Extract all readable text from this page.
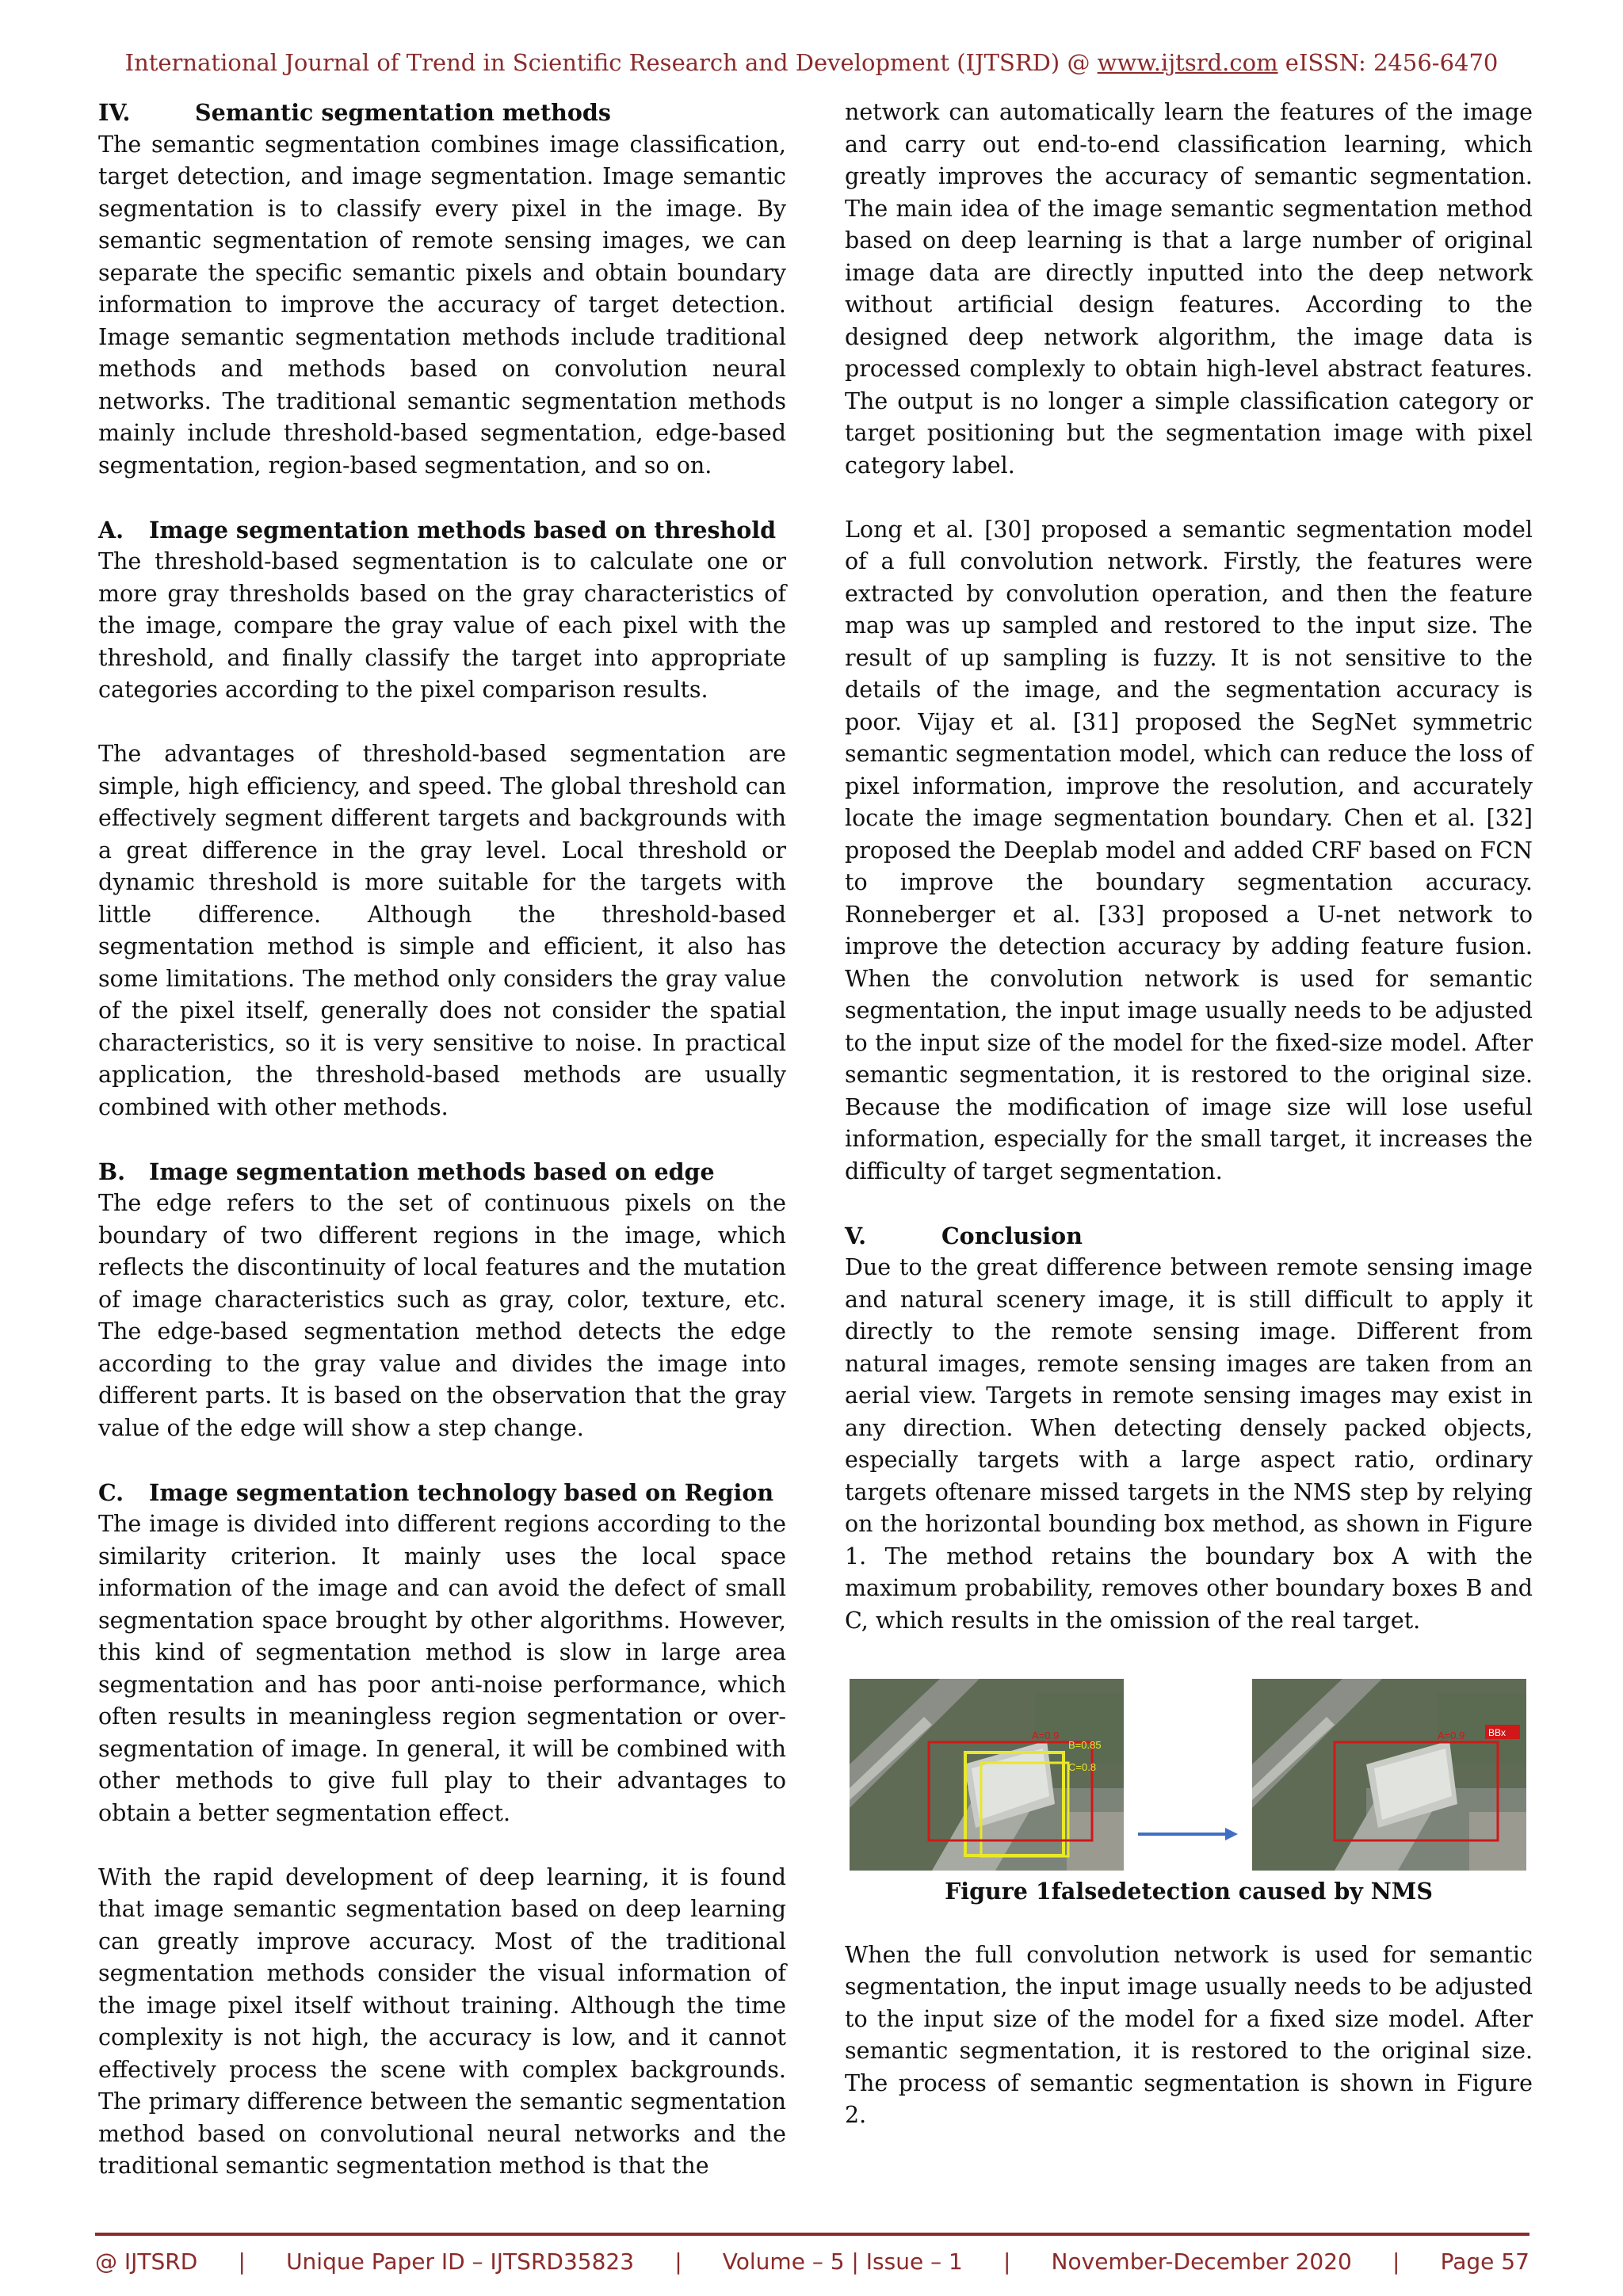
International Journal of Trend in Scientific Research and Development (IJTSRD) @ www.ijtsrd.com eISSN: 2456-6470
IV.	Semantic segmentation methods

The semantic segmentation combines image classification, target detection, and image segmentation. Image semantic segmentation is to classify every pixel in the image. By semantic segmentation of remote sensing images, we can separate the specific semantic pixels and obtain boundary information to improve the accuracy of target detection. Image semantic segmentation methods include traditional methods and methods based on convolution neural networks. The traditional semantic segmentation methods mainly include threshold-based segmentation, edge-based segmentation, region-based segmentation, and so on.

A. Image segmentation methods based on threshold

The threshold-based segmentation is to calculate one or more gray thresholds based on the gray characteristics of the image, compare the gray value of each pixel with the threshold, and finally classify the target into appropriate categories according to the pixel comparison results.

The advantages of threshold-based segmentation are simple, high efficiency, and speed. The global threshold can effectively segment different targets and backgrounds with a great difference in the gray level. Local threshold or dynamic threshold is more suitable for the targets with little difference. Although the threshold-based segmentation method is simple and efficient, it also has some limitations. The method only considers the gray value of the pixel itself, generally does not consider the spatial characteristics, so it is very sensitive to noise. In practical application, the threshold-based methods are usually combined with other methods.

B. Image segmentation methods based on edge

The edge refers to the set of continuous pixels on the boundary of two different regions in the image, which reflects the discontinuity of local features and the mutation of image characteristics such as gray, color, texture, etc. The edge-based segmentation method detects the edge according to the gray value and divides the image into different parts. It is based on the observation that the gray value of the edge will show a step change.

C. Image segmentation technology based on Region

The image is divided into different regions according to the similarity criterion. It mainly uses the local space information of the image and can avoid the defect of small segmentation space brought by other algorithms. However, this kind of segmentation method is slow in large area segmentation and has poor anti-noise performance, which often results in meaningless region segmentation or over-segmentation of image. In general, it will be combined with other methods to give full play to their advantages to obtain a better segmentation effect.

With the rapid development of deep learning, it is found that image semantic segmentation based on deep learning can greatly improve accuracy. Most of the traditional segmentation methods consider the visual information of the image pixel itself without training. Although the time complexity is not high, the accuracy is low, and it cannot effectively process the scene with complex backgrounds. The primary difference between the semantic segmentation method based on convolutional neural networks and the traditional semantic segmentation method is that the

network can automatically learn the features of the image and carry out end-to-end classification learning, which greatly improves the accuracy of semantic segmentation. The main idea of the image semantic segmentation method based on deep learning is that a large number of original image data are directly inputted into the deep network without artificial design features. According to the designed deep network algorithm, the image data is processed complexly to obtain high-level abstract features. The output is no longer a simple classification category or target positioning but the segmentation image with pixel category label.

Long et al. [30] proposed a semantic segmentation model of a full convolution network. Firstly, the features were extracted by convolution operation, and then the feature map was up sampled and restored to the input size. The result of up sampling is fuzzy. It is not sensitive to the details of the image, and the segmentation accuracy is poor. Vijay et al. [31] proposed the SegNet symmetric semantic segmentation model, which can reduce the loss of pixel information, improve the resolution, and accurately locate the image segmentation boundary. Chen et al. [32] proposed the Deeplab model and added CRF based on FCN to improve the boundary segmentation accuracy. Ronneberger et al. [33] proposed a U-net network to improve the detection accuracy by adding feature fusion. When the convolution network is used for semantic segmentation, the input image usually needs to be adjusted to the input size of the model for the fixed-size model. After semantic segmentation, it is restored to the original size. Because the modification of image size will lose useful information, especially for the small target, it increases the difficulty of target segmentation.

V.	Conclusion

Due to the great difference between remote sensing image and natural scenery image, it is still difficult to apply it directly to the remote sensing image. Different from natural images, remote sensing images are taken from an aerial view. Targets in remote sensing images may exist in any direction. When detecting densely packed objects, especially targets with a large aspect ratio, ordinary targets oftenare missed targets in the NMS step by relying on the horizontal bounding box method, as shown in Figure 1. The method retains the boundary box A with the maximum probability, removes other boundary boxes B and C, which results in the omission of the real target.

A=0.9
B=0.85
C=0.8
A=0.9 BBx

Figure 1falsedetection caused by NMS

When the full convolution network is used for semantic segmentation, the input image usually needs to be adjusted to the input size of the model for a fixed size model. After semantic segmentation, it is restored to the original size. The process of semantic segmentation is shown in Figure 2.

@ IJTSRD | Unique Paper ID – IJTSRD35823 | Volume – 5 | Issue – 1 | November-December 2020 | Page 57
